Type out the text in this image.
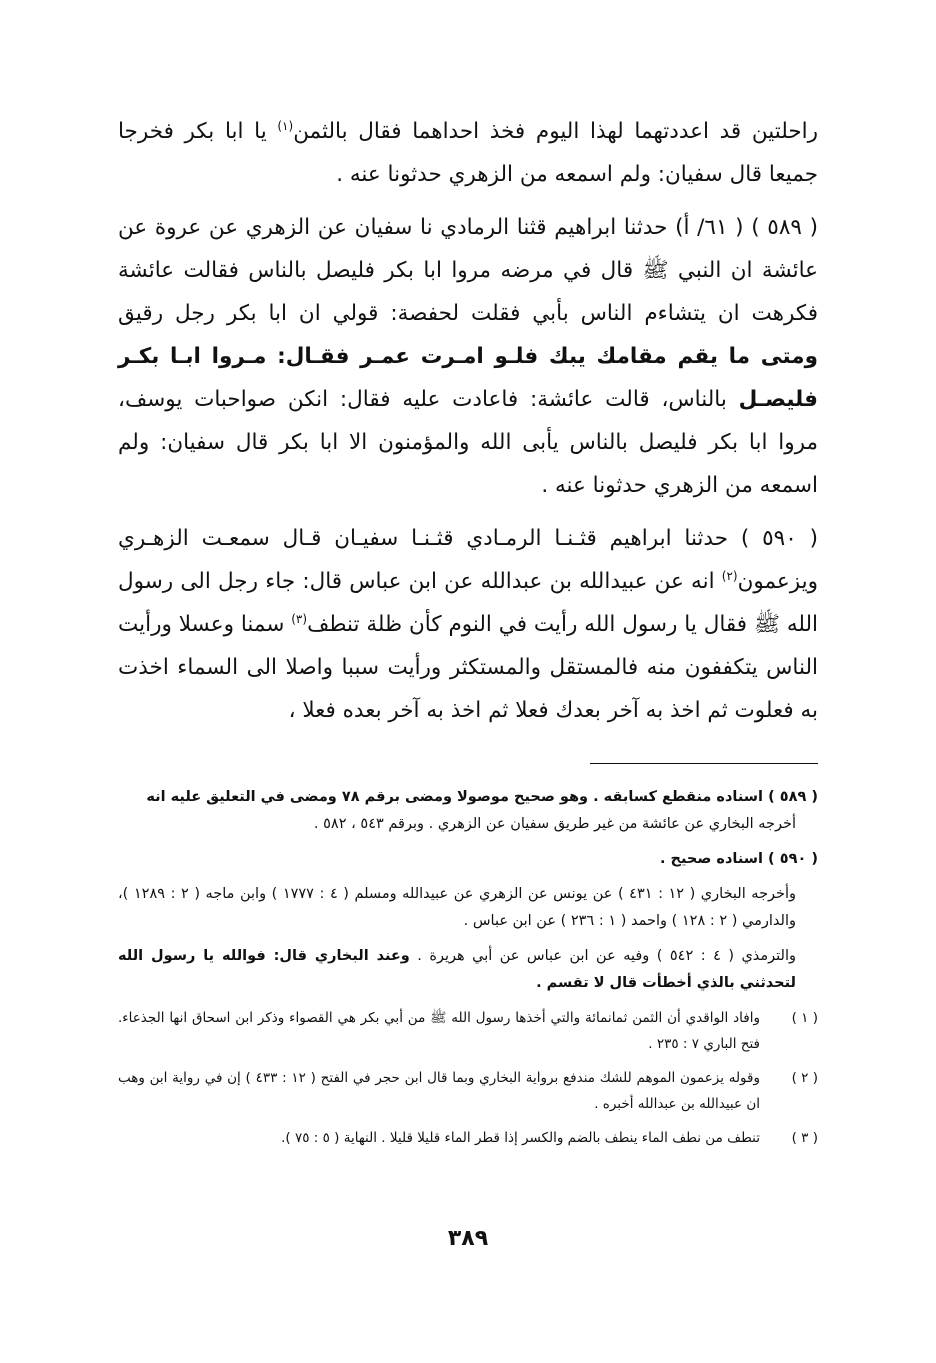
راحلتين قد اعددتهما لهذا اليوم فخذ احداهما فقال بالثمن$^{(١)}$ يا ابا بكر فخرجا جميعا قال سفيان: ولم اسمعه من الزهري حدثونا عنه .

( ٥٨٩ ) ( ٦١/ أ) حدثنا ابراهيم قثنا الرمادي نا سفيان عن الزهري عن عروة عن عائشة ان النبي ﷺ قال في مرضه مروا ابا بكر فليصل بالناس فقالت عائشة فكرهت ان يتشاءم الناس بأبي فقلت لحفصة: قولي ان ابا بكر رجل رقيق ومتى ما يقم مقامك يبك فلـو امـرت عمـر فقـال: مـروا ابـا بكـر فليصـل بالناس، قالت عائشة: فاعادت عليه فقال: انكن صواحبات يوسف، مروا ابا بكر فليصل بالناس يأبى الله والمؤمنون الا ابا بكر قال سفيان: ولم اسمعه من الزهري حدثونا عنه .

( ٥٩٠ ) حدثنا ابراهيم قثـنـا الرمـادي قثـنـا سفيـان قـال سمعـت الزهـري ويزعمون$^{(٢)}$ انه عن عبيدالله بن عبدالله عن ابن عباس قال: جاء رجل الى رسول الله ﷺ فقال يا رسول الله رأيت في النوم كأن ظلة تنطف$^{(٣)}$ سمنا وعسلا ورأيت الناس يتكففون منه فالمستقل والمستكثر ورأيت سببا واصلا الى السماء اخذت به فعلوت ثم اخذ به آخر بعدك فعلا ثم اخذ به آخر بعده فعلا ،

( ٥٨٩ ) اسناده منقطع كسابقه . وهو صحيح موصولا ومضى برقم ٧٨ ومضى في التعليق عليه انه

أخرجه البخاري عن عائشة من غير طريق سفيان عن الزهري . وبرقم ٥٤٣ ، ٥٨٢ .

( ٥٩٠ ) اسناده صحيح .

وأخرجه البخاري ( ١٢ : ٤٣١ ) عن يونس عن الزهري عن عبيدالله ومسلم ( ٤ : ١٧٧٧ ) وابن ماجه ( ٢ : ١٢٨٩ )، والدارمي ( ٢ : ١٢٨ ) واحمد ( ١ : ٢٣٦ ) عن ابن عباس .

والترمذي ( ٤ : ٥٤٢ ) وفيه عن ابن عباس عن أبي هريرة . وعند البخاري قال: فوالله يا رسول الله لتحدثني بالذي أخطأت قال لا تقسم .

( ١ )
وافاد الواقدي أن الثمن ثمانمائة والتي أخذها رسول الله ﷺ من أبي بكر هي القصواء وذكر ابن اسحاق انها الجذعاء. فتح الباري ٧ : ٢٣٥ .
( ٢ )
وقوله يزعمون الموهم للشك مندفع برواية البخاري وبما قال ابن حجر في الفتح ( ١٢ : ٤٣٣ ) إن في رواية ابن وهب ان عبيدالله بن عبدالله أخبره .
( ٣ )
تنطف من نطف الماء ينطف بالضم والكسر إذا قطر الماء قليلا قليلا . النهاية ( ٥ : ٧٥ ).
٣٨٩
